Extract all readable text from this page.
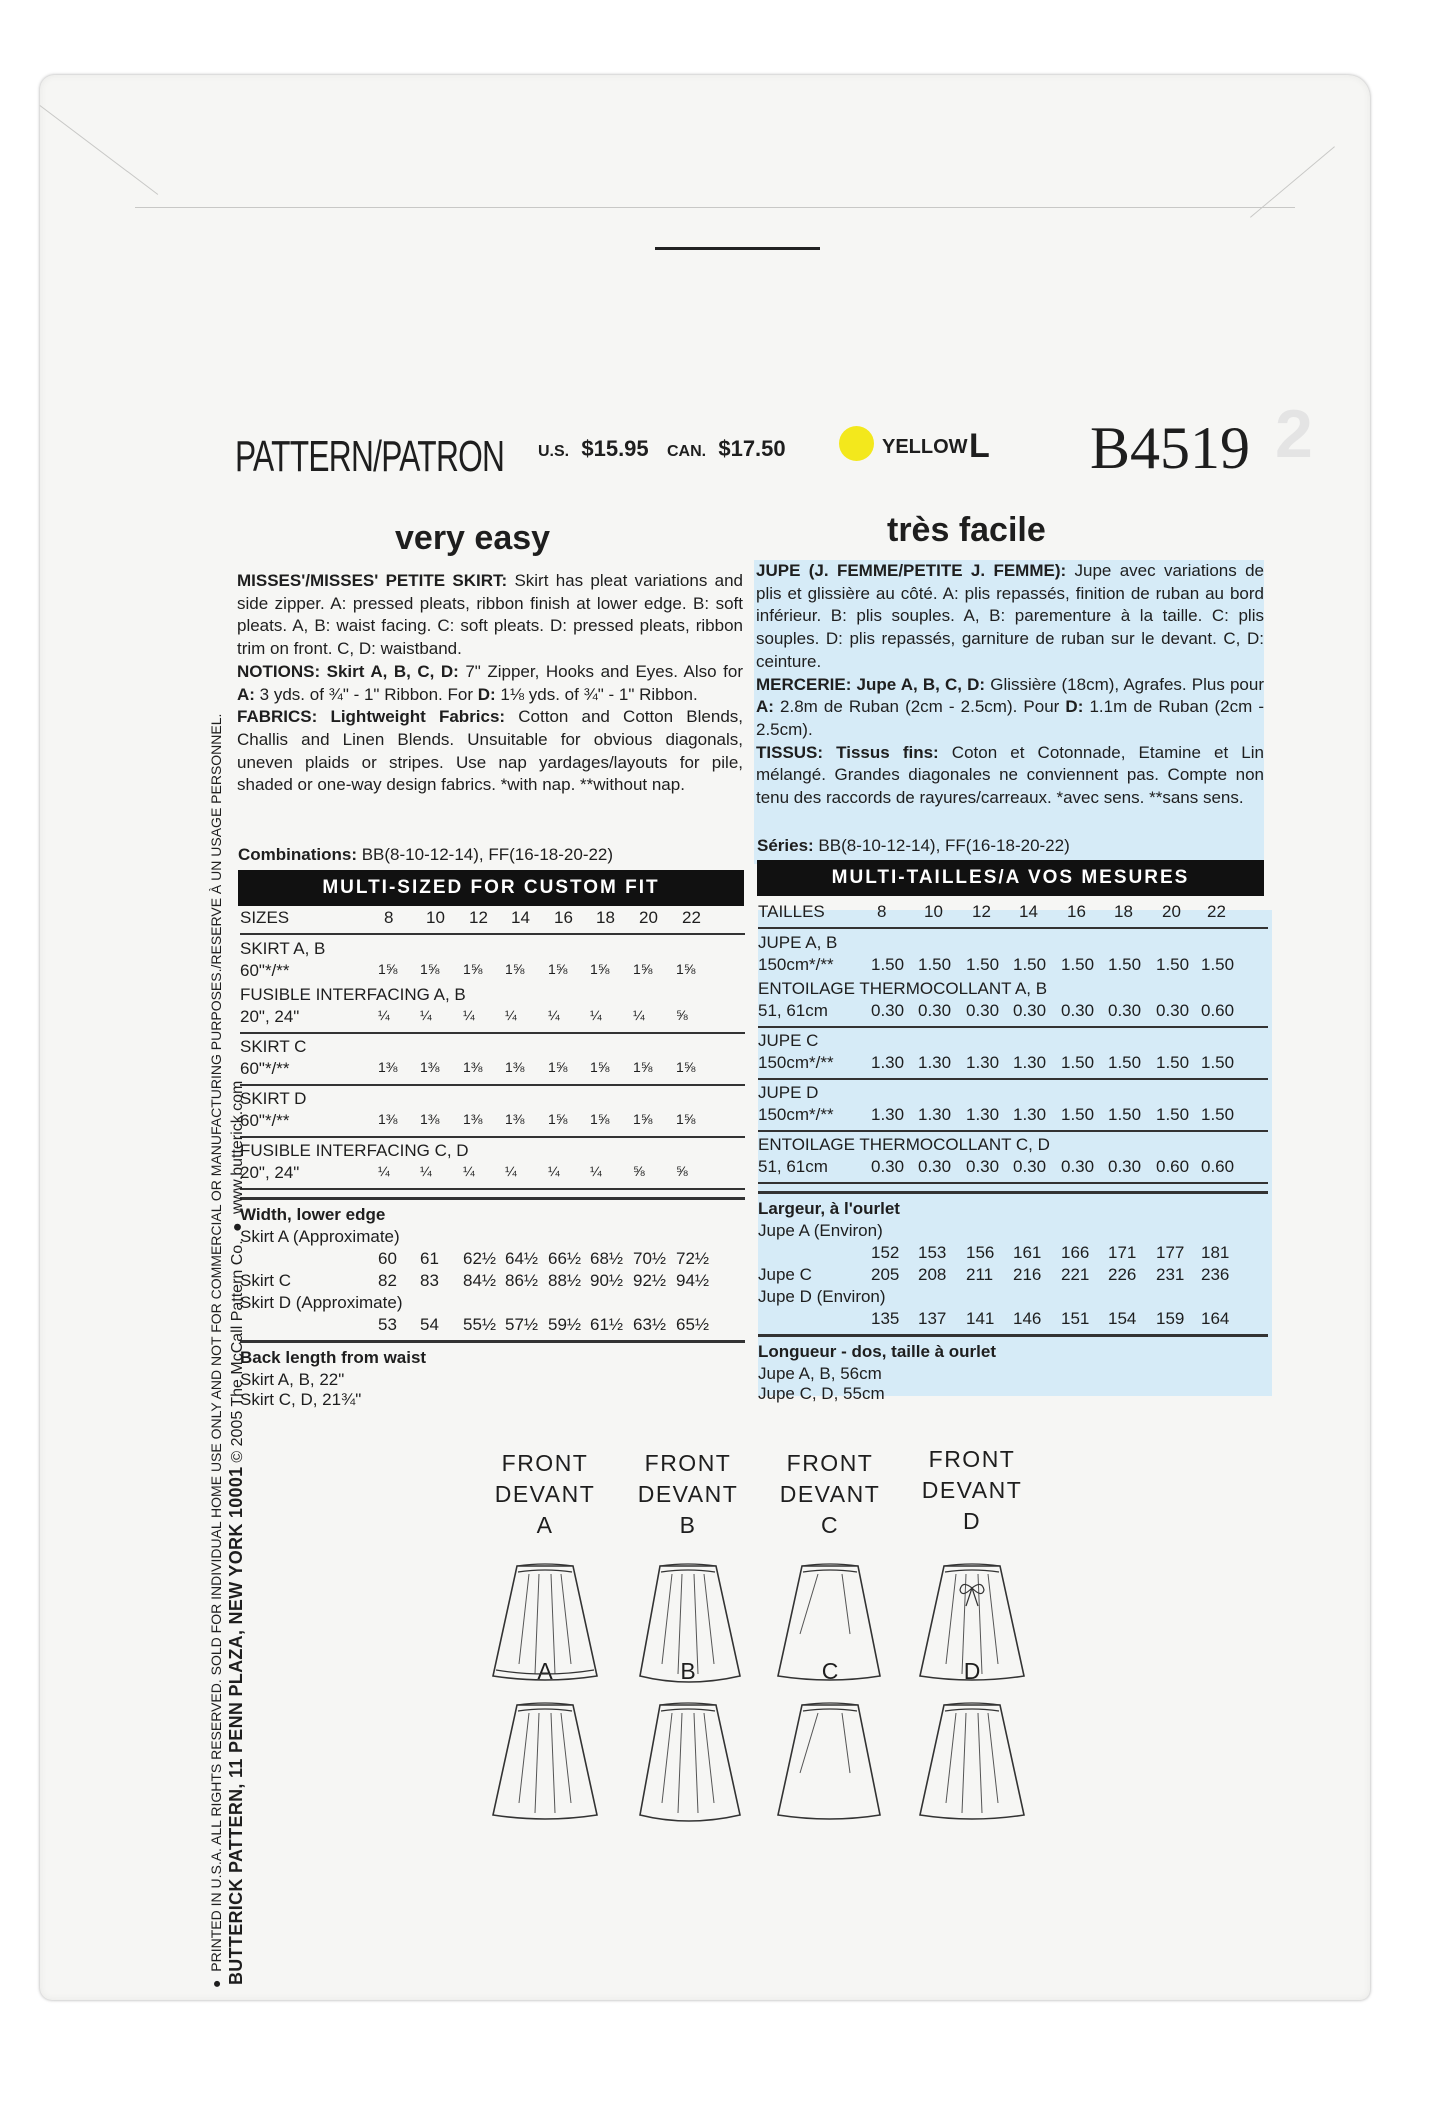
PATTERN/PATRON U.S. $15.95 CAN. $17.50	YELLOW L B4519 2
very easy	très facile

MISSES'/MISSES' PETITE SKIRT: Skirt has pleat variations and side zipper. A: pressed pleats, ribbon finish at lower edge. B: soft pleats. A, B: waist facing. C: soft pleats. D: pressed pleats, ribbon trim on front. C, D: waistband.

NOTIONS: Skirt A, B, C, D: 7" Zipper, Hooks and Eyes. Also for A: 3 yds. of ¾" - 1" Ribbon. For D: 1⅛ yds. of ¾" - 1" Ribbon.

FABRICS: Lightweight Fabrics: Cotton and Cotton Blends, Challis and Linen Blends. Unsuitable for obvious diagonals, uneven plaids or stripes. Use nap yardages/layouts for pile, shaded or one-way design fabrics. *with nap. **without nap.

Combinations: BB(8-10-12-14), FF(16-18-20-22)

JUPE (J. FEMME/PETITE J. FEMME): Jupe avec variations de plis et glissière au côté. A: plis repassés, finition de ruban au bord inférieur. B: plis souples. A, B: parementure à la taille. C: plis souples. D: plis repassés, garniture de ruban sur le devant. C, D: ceinture.

MERCERIE: Jupe A, B, C, D: Glissière (18cm), Agrafes. Plus pour A: 2.8m de Ruban (2cm - 2.5cm). Pour D: 1.1m de Ruban (2cm - 2.5cm).

TISSUS: Tissus fins: Coton et Cotonnade, Etamine et Lin mélangé. Grandes diagonales ne conviennent pas. Compte non tenu des raccords de rayures/carreaux. *avec sens. **sans sens.

Séries: BB(8-10-12-14), FF(16-18-20-22)
MULTI-SIZED FOR CUSTOM FIT	MULTI-TAILLES/A VOS MESURES
SIZES	8 10 12 14 16 18 20 22
SKIRT A, B
60"*/**	1⅝ 1⅝ 1⅝ 1⅝ 1⅝ 1⅝ 1⅝ 1⅝
FUSIBLE INTERFACING A, B
20", 24"	¼ ¼ ¼ ¼ ¼ ¼ ¼ ⅝
SKIRT C
60"*/**	1⅜ 1⅜ 1⅜ 1⅜ 1⅝ 1⅝ 1⅝ 1⅝
SKIRT D
60"*/**	1⅜ 1⅜ 1⅜ 1⅜ 1⅝ 1⅝ 1⅝ 1⅝
FUSIBLE INTERFACING C, D
20", 24"	¼ ¼ ¼ ¼ ¼ ¼ ⅝ ⅝
Width, lower edge
Skirt A (Approximate)
60 61 62½ 64½ 66½ 68½ 70½ 72½
Skirt C	82 83 84½ 86½ 88½ 90½ 92½ 94½
Skirt D (Approximate)
53 54 55½ 57½ 59½ 61½ 63½ 65½
Back length from waist
Skirt A, B, 22"
Skirt C, D, 21¾"
TAILLES	8 10 12 14 16 18 20 22
JUPE A, B
150cm*/** 1.50 1.50 1.50 1.50 1.50 1.50 1.50 1.50
ENTOILAGE THERMOCOLLANT A, B
51, 61cm	0.30 0.30 0.30 0.30 0.30 0.30 0.30 0.60
JUPE C
150cm*/** 1.30 1.30 1.30 1.30 1.50 1.50 1.50 1.50
JUPE D
150cm*/** 1.30 1.30 1.30 1.30 1.50 1.50 1.50 1.50
ENTOILAGE THERMOCOLLANT C, D
51, 61cm	0.30 0.30 0.30 0.30 0.30 0.30 0.60 0.60
Largeur, à l'ourlet
Jupe A (Environ)
152 153 156 161 166 171 177 181
Jupe C	205 208 211 216 221 226 231 236
Jupe D (Environ)
135 137 141 146 151 154 159 164
Longueur - dos, taille à ourlet
Jupe A, B, 56cm
Jupe C, D, 55cm
BUTTERICK PATTERN, 11 PENN PLAZA, NEW YORK 10001 © 2005 The McCall Pattern Co.  ●  www.butterick.com
●  PRINTED IN U.S.A. ALL RIGHTS RESERVED. SOLD FOR INDIVIDUAL HOME USE ONLY AND NOT FOR COMMERCIAL OR MANUFACTURING PURPOSES./RESERVE À UN USAGE PERSONNEL.	FRONT
DEVANT
A
A
FRONT
DEVANT
B
B
FRONT
DEVANT
C
C
FRONT
DEVANT
D
D
